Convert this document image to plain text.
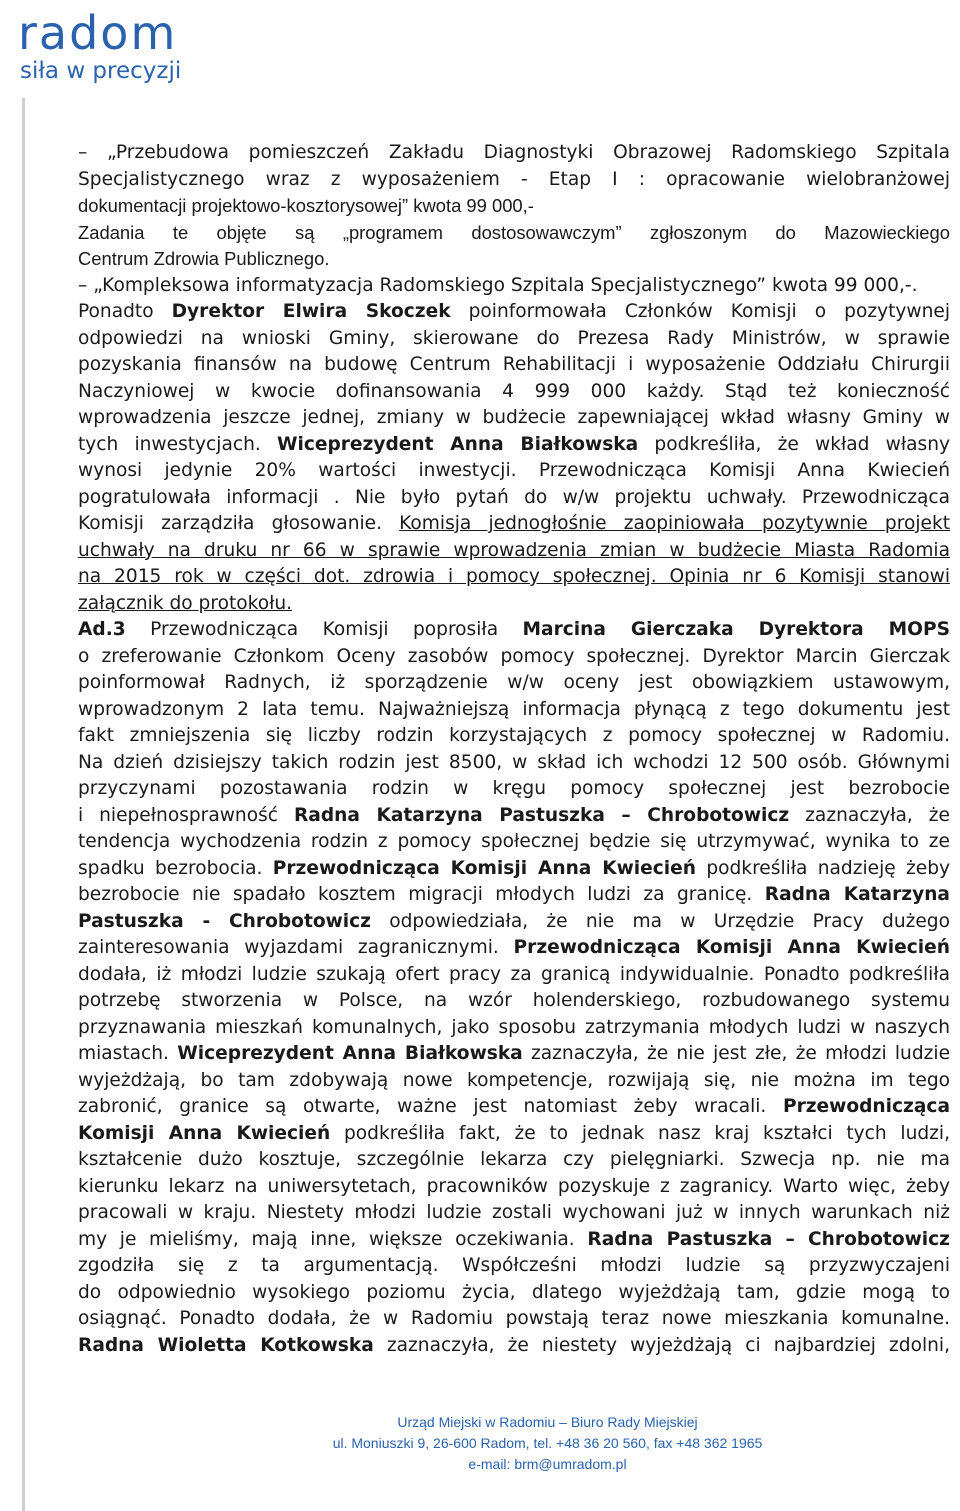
radom
siła w precyzji
– „Przebudowa pomieszczeń Zakładu Diagnostyki Obrazowej Radomskiego Szpitala
Specjalistycznego wraz z wyposażeniem - Etap I : opracowanie wielobranżowej
dokumentacji projektowo-kosztorysowej” kwota 99 000,-
Zadania te objęte są „programem dostosowawczym” zgłoszonym do Mazowieckiego
Centrum Zdrowia Publicznego.
– „Kompleksowa informatyzacja Radomskiego Szpitala Specjalistycznego” kwota 99 000,-.
Ponadto Dyrektor Elwira Skoczek poinformowała Członków Komisji o pozytywnej
odpowiedzi na wnioski Gminy, skierowane do Prezesa Rady Ministrów, w sprawie
pozyskania finansów na budowę Centrum Rehabilitacji i wyposażenie Oddziału Chirurgii
Naczyniowej w kwocie dofinansowania 4 999 000 każdy. Stąd też konieczność
wprowadzenia jeszcze jednej, zmiany w budżecie zapewniającej wkład własny Gminy w
tych inwestycjach. Wiceprezydent Anna Białkowska podkreśliła, że wkład własny
wynosi jedynie 20% wartości inwestycji. Przewodnicząca Komisji Anna Kwiecień
pogratulowała informacji . Nie było pytań do w/w projektu uchwały. Przewodnicząca
Komisji zarządziła głosowanie. Komisja jednogłośnie zaopiniowała pozytywnie projekt
uchwały na druku nr 66 w sprawie wprowadzenia zmian w budżecie Miasta Radomia
na 2015 rok w części dot. zdrowia i pomocy społecznej. Opinia nr 6 Komisji stanowi
załącznik do protokołu.
Ad.3 Przewodnicząca Komisji poprosiła Marcina Gierczaka Dyrektora MOPS
o zreferowanie Członkom Oceny zasobów pomocy społecznej. Dyrektor Marcin Gierczak
poinformował Radnych, iż sporządzenie w/w oceny jest obowiązkiem ustawowym,
wprowadzonym 2 lata temu. Najważniejszą informacja płynącą z tego dokumentu jest
fakt zmniejszenia się liczby rodzin korzystających z pomocy społecznej w Radomiu.
Na dzień dzisiejszy takich rodzin jest 8500, w skład ich wchodzi 12 500 osób. Głównymi
przyczynami pozostawania rodzin w kręgu pomocy społecznej jest bezrobocie
i niepełnosprawność Radna Katarzyna Pastuszka – Chrobotowicz zaznaczyła, że
tendencja wychodzenia rodzin z pomocy społecznej będzie się utrzymywać, wynika to ze
spadku bezrobocia. Przewodnicząca Komisji Anna Kwiecień podkreśliła nadzieję żeby
bezrobocie nie spadało kosztem migracji młodych ludzi za granicę. Radna Katarzyna
Pastuszka - Chrobotowicz odpowiedziała, że nie ma w Urzędzie Pracy dużego
zainteresowania wyjazdami zagranicznymi. Przewodnicząca Komisji Anna Kwiecień
dodała, iż młodzi ludzie szukają ofert pracy za granicą indywidualnie. Ponadto podkreśliła
potrzebę stworzenia w Polsce, na wzór holenderskiego, rozbudowanego systemu
przyznawania mieszkań komunalnych, jako sposobu zatrzymania młodych ludzi w naszych
miastach. Wiceprezydent Anna Białkowska zaznaczyła, że nie jest złe, że młodzi ludzie
wyjeżdżają, bo tam zdobywają nowe kompetencje, rozwijają się, nie można im tego
zabronić, granice są otwarte, ważne jest natomiast żeby wracali. Przewodnicząca
Komisji Anna Kwiecień podkreśliła fakt, że to jednak nasz kraj kształci tych ludzi,
kształcenie dużo kosztuje, szczególnie lekarza czy pielęgniarki. Szwecja np. nie ma
kierunku lekarz na uniwersytetach, pracowników pozyskuje z zagranicy. Warto więc, żeby
pracowali w kraju. Niestety młodzi ludzie zostali wychowani już w innych warunkach niż
my je mieliśmy, mają inne, większe oczekiwania. Radna Pastuszka – Chrobotowicz
zgodziła się z ta argumentacją. Współcześni młodzi ludzie są przyzwyczajeni
do odpowiednio wysokiego poziomu życia, dlatego wyjeżdżają tam, gdzie mogą to
osiągnąć. Ponadto dodała, że w Radomiu powstają teraz nowe mieszkania komunalne.
Radna Wioletta Kotkowska zaznaczyła, że niestety wyjeżdżają ci najbardziej zdolni,
Urząd Miejski w Radomiu – Biuro Rady Miejskiej
ul. Moniuszki 9, 26-600 Radom, tel. +48 36 20 560, fax +48 362 1965
e-mail: brm@umradom.pl
